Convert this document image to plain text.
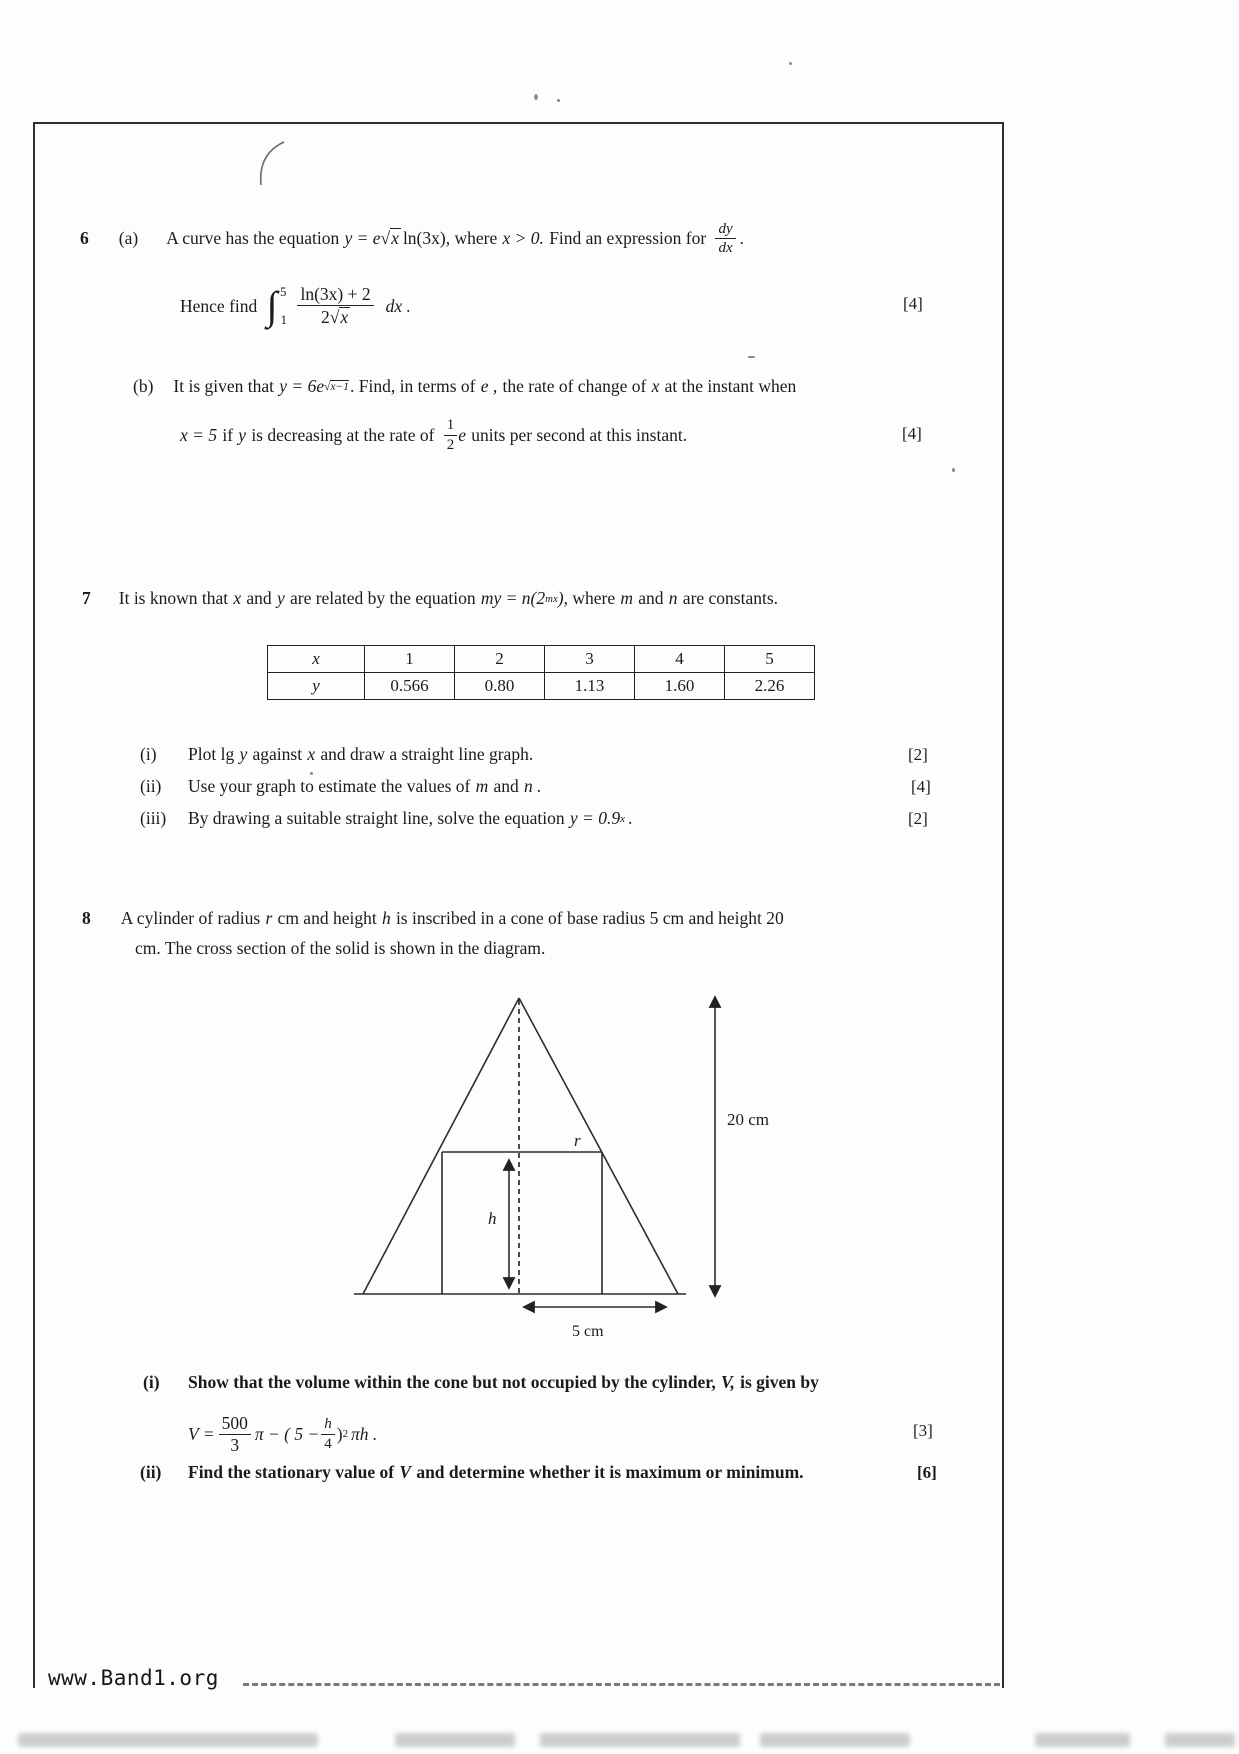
6 (a) A curve has the equation y = e √x ln(3x) , where x > 0. Find an expression for $\frac{dy}{dx}$ .
Hence find ∫ 5
$1 \frac{\ln(3x) + 2}{2√x}$ dx .	[4]
(b) It is given that y = 6e √x−1 . Find, in terms of e , the rate of change of x at the instant when
x = 5 if y is decreasing at the rate of $\frac{1}{2}$ e units per second at this instant.	[4]
7 It is known that x and y are related by the equation my = n(2 mx ) , where m and n are constants.
x	1	2	3	4	5
y	0.566	0.80	1.13	1.60	2.26
(i)	Plot lg y against x and draw a straight line graph.	[2]
(ii)	Use your graph to estimate the values of m and n .	[4]
(iii)	By drawing a suitable straight line, solve the equation y = 0.9 x .	[2]
8 A cylinder of radius r cm and height h is inscribed in a cone of base radius 5 cm and height 20
cm. The cross section of the solid is shown in the diagram.
r
h
20 cm
5 cm
(i)	Show that the volume within the cone but not occupied by the cylinder, V, is given by
$V = \frac{500}{3}$ π − ( $5 - \frac{h}{4}$ ) 2 πh .	[3]
(ii)	Find the stationary value of V and determine whether it is maximum or minimum.	[6]
www.Band1.org
